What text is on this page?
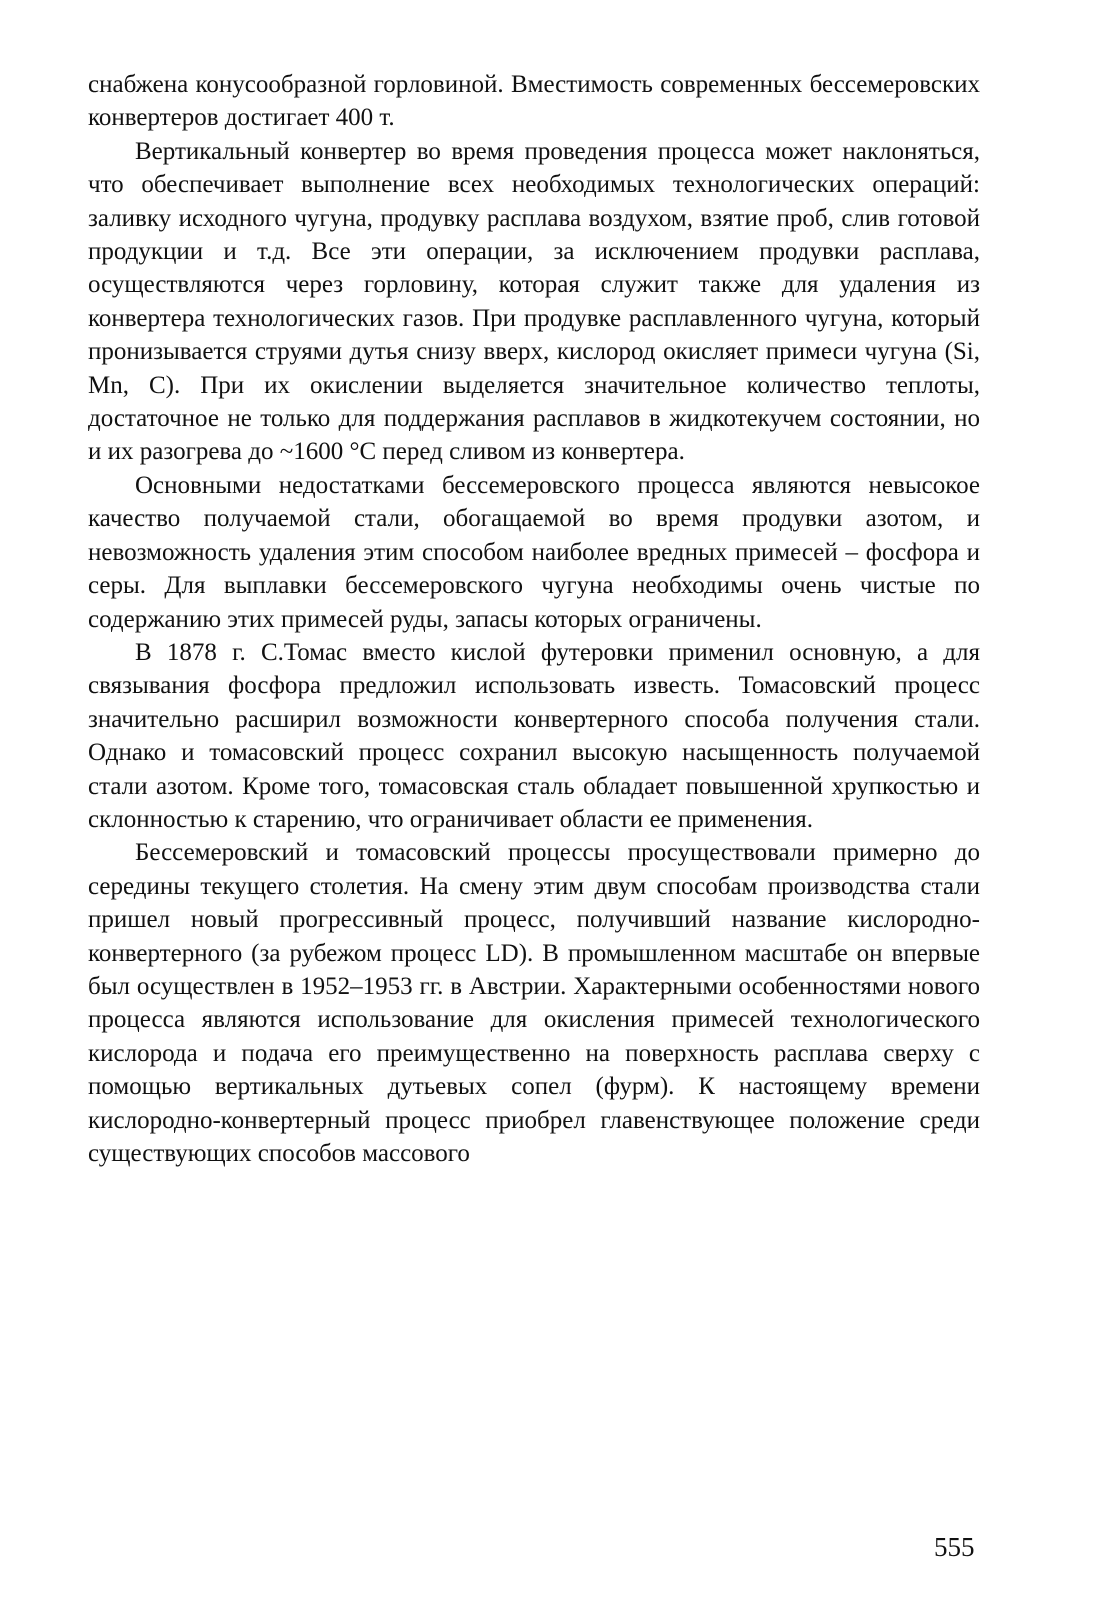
снабжена конусообразной горловиной. Вместимость современных бессемеровских конвертеров достигает 400 т.

Вертикальный конвертер во время проведения процесса может наклоняться, что обеспечивает выполнение всех необходимых технологических операций: заливку исходного чугуна, продувку расплава воздухом, взятие проб, слив готовой продукции и т.д. Все эти операции, за исключением продувки расплава, осуществляются через горловину, которая служит также для удаления из конвертера технологических газов. При продувке расплавленного чугуна, который пронизывается струями дутья снизу вверх, кислород окисляет примеси чугуна (Si, Mn, C). При их окислении выделяется значительное количество теплоты, достаточное не только для поддержания расплавов в жидкотекучем состоянии, но и их разогрева до ~1600 °С перед сливом из конвертера.

Основными недостатками бессемеровского процесса являются невысокое качество получаемой стали, обогащаемой во время продувки азотом, и невозможность удаления этим способом наиболее вредных примесей – фосфора и серы. Для выплавки бессемеровского чугуна необходимы очень чистые по содержанию этих примесей руды, запасы которых ограничены.

В 1878 г. С.Томас вместо кислой футеровки применил основную, а для связывания фосфора предложил использовать известь. Томасовский процесс значительно расширил возможности конвертерного способа получения стали. Однако и томасовский процесс сохранил высокую насыщенность получаемой стали азотом. Кроме того, томасовская сталь обладает повышенной хрупкостью и склонностью к старению, что ограничивает области ее применения.

Бессемеровский и томасовский процессы просуществовали примерно до середины текущего столетия. На смену этим двум способам производства стали пришел новый прогрессивный процесс, получивший название кислородно-конвертерного (за рубежом процесс LD). В промышленном масштабе он впервые был осуществлен в 1952–1953 гг. в Австрии. Характерными особенностями нового процесса являются использование для окисления примесей технологического кислорода и подача его преимущественно на поверхность расплава сверху с помощью вертикальных дутьевых сопел (фурм). К настоящему времени кислородно-конвертерный процесс приобрел главенствующее положение среди существующих способов массового

555
